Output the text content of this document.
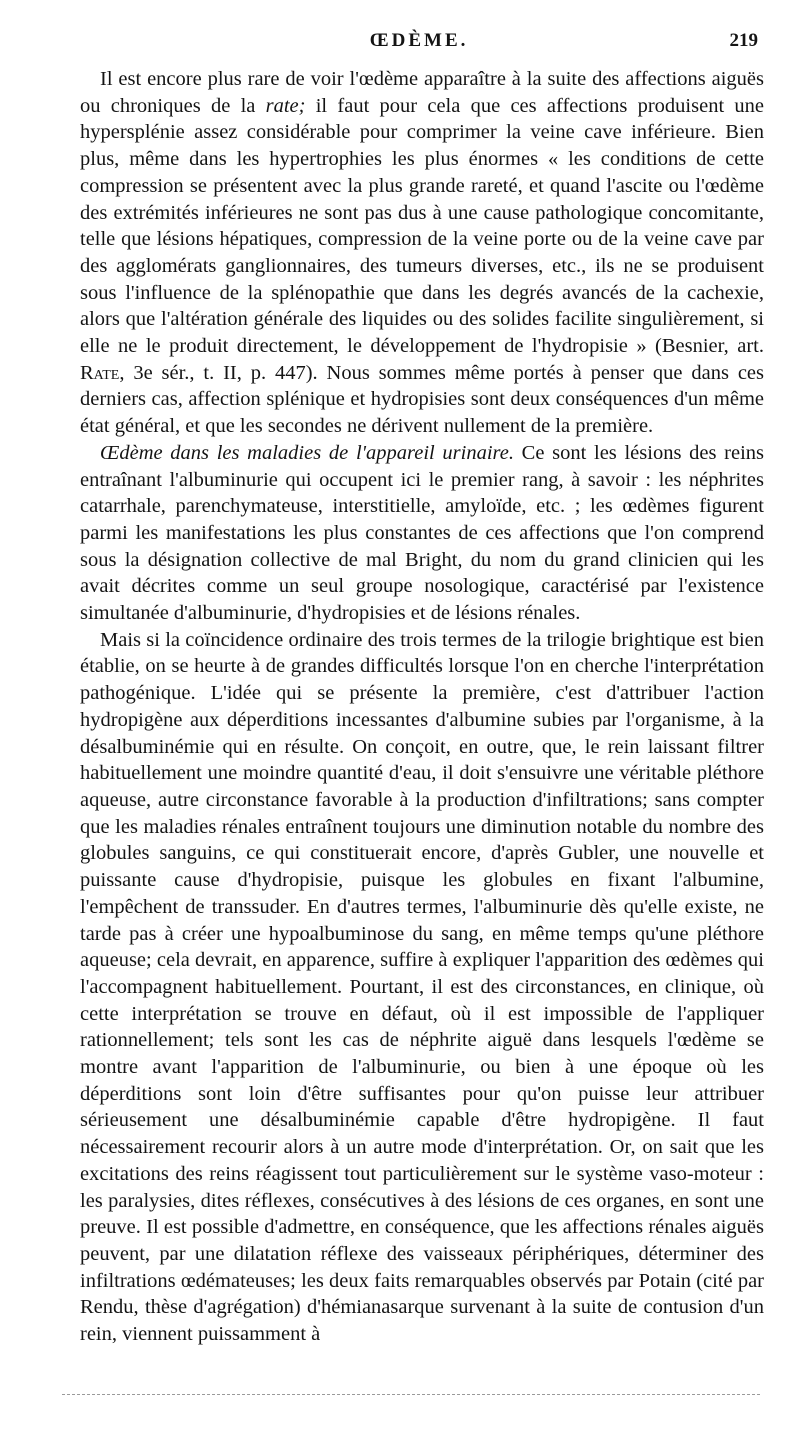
ŒDÈME.	219

Il est encore plus rare de voir l'œdème apparaître à la suite des affections aiguës ou chroniques de la rate; il faut pour cela que ces affections produisent une hypersplénie assez considérable pour comprimer la veine cave inférieure. Bien plus, même dans les hypertrophies les plus énormes « les conditions de cette compression se présentent avec la plus grande rareté, et quand l'ascite ou l'œdème des extrémités inférieures ne sont pas dus à une cause pathologique concomitante, telle que lésions hépatiques, compression de la veine porte ou de la veine cave par des agglomérats ganglionnaires, des tumeurs diverses, etc., ils ne se produisent sous l'influence de la splénopathie que dans les degrés avancés de la cachexie, alors que l'altération générale des liquides ou des solides facilite singulièrement, si elle ne le produit directement, le développement de l'hydropisie » (Besnier, art. Rate, 3e sér., t. II, p. 447). Nous sommes même portés à penser que dans ces derniers cas, affection splénique et hydropisies sont deux conséquences d'un même état général, et que les secondes ne dérivent nullement de la première.

Œdème dans les maladies de l'appareil urinaire. Ce sont les lésions des reins entraînant l'albuminurie qui occupent ici le premier rang, à savoir : les néphrites catarrhale, parenchymateuse, interstitielle, amyloïde, etc. ; les œdèmes figurent parmi les manifestations les plus constantes de ces affections que l'on comprend sous la désignation collective de mal Bright, du nom du grand clinicien qui les avait décrites comme un seul groupe nosologique, caractérisé par l'existence simultanée d'albuminurie, d'hydropisies et de lésions rénales.

Mais si la coïncidence ordinaire des trois termes de la trilogie brightique est bien établie, on se heurte à de grandes difficultés lorsque l'on en cherche l'interprétation pathogénique. L'idée qui se présente la première, c'est d'attribuer l'action hydropigène aux déperditions incessantes d'albumine subies par l'organisme, à la désalbuminémie qui en résulte. On conçoit, en outre, que, le rein laissant filtrer habituellement une moindre quantité d'eau, il doit s'ensuivre une véritable pléthore aqueuse, autre circonstance favorable à la production d'infiltrations; sans compter que les maladies rénales entraînent toujours une diminution notable du nombre des globules sanguins, ce qui constituerait encore, d'après Gubler, une nouvelle et puissante cause d'hydropisie, puisque les globules en fixant l'albumine, l'empêchent de transsuder. En d'autres termes, l'albuminurie dès qu'elle existe, ne tarde pas à créer une hypoalbuminose du sang, en même temps qu'une pléthore aqueuse; cela devrait, en apparence, suffire à expliquer l'apparition des œdèmes qui l'accompagnent habituellement. Pourtant, il est des circonstances, en clinique, où cette interprétation se trouve en défaut, où il est impossible de l'appliquer rationnellement; tels sont les cas de néphrite aiguë dans lesquels l'œdème se montre avant l'apparition de l'albuminurie, ou bien à une époque où les déperditions sont loin d'être suffisantes pour qu'on puisse leur attribuer sérieusement une désalbuminémie capable d'être hydropigène. Il faut nécessairement recourir alors à un autre mode d'interprétation. Or, on sait que les excitations des reins réagissent tout particulièrement sur le système vaso-moteur : les paralysies, dites réflexes, consécutives à des lésions de ces organes, en sont une preuve. Il est possible d'admettre, en conséquence, que les affections rénales aiguës peuvent, par une dilatation réflexe des vaisseaux périphériques, déterminer des infiltrations œdémateuses; les deux faits remarquables observés par Potain (cité par Rendu, thèse d'agrégation) d'hémianasarque survenant à la suite de contusion d'un rein, viennent puissamment à
